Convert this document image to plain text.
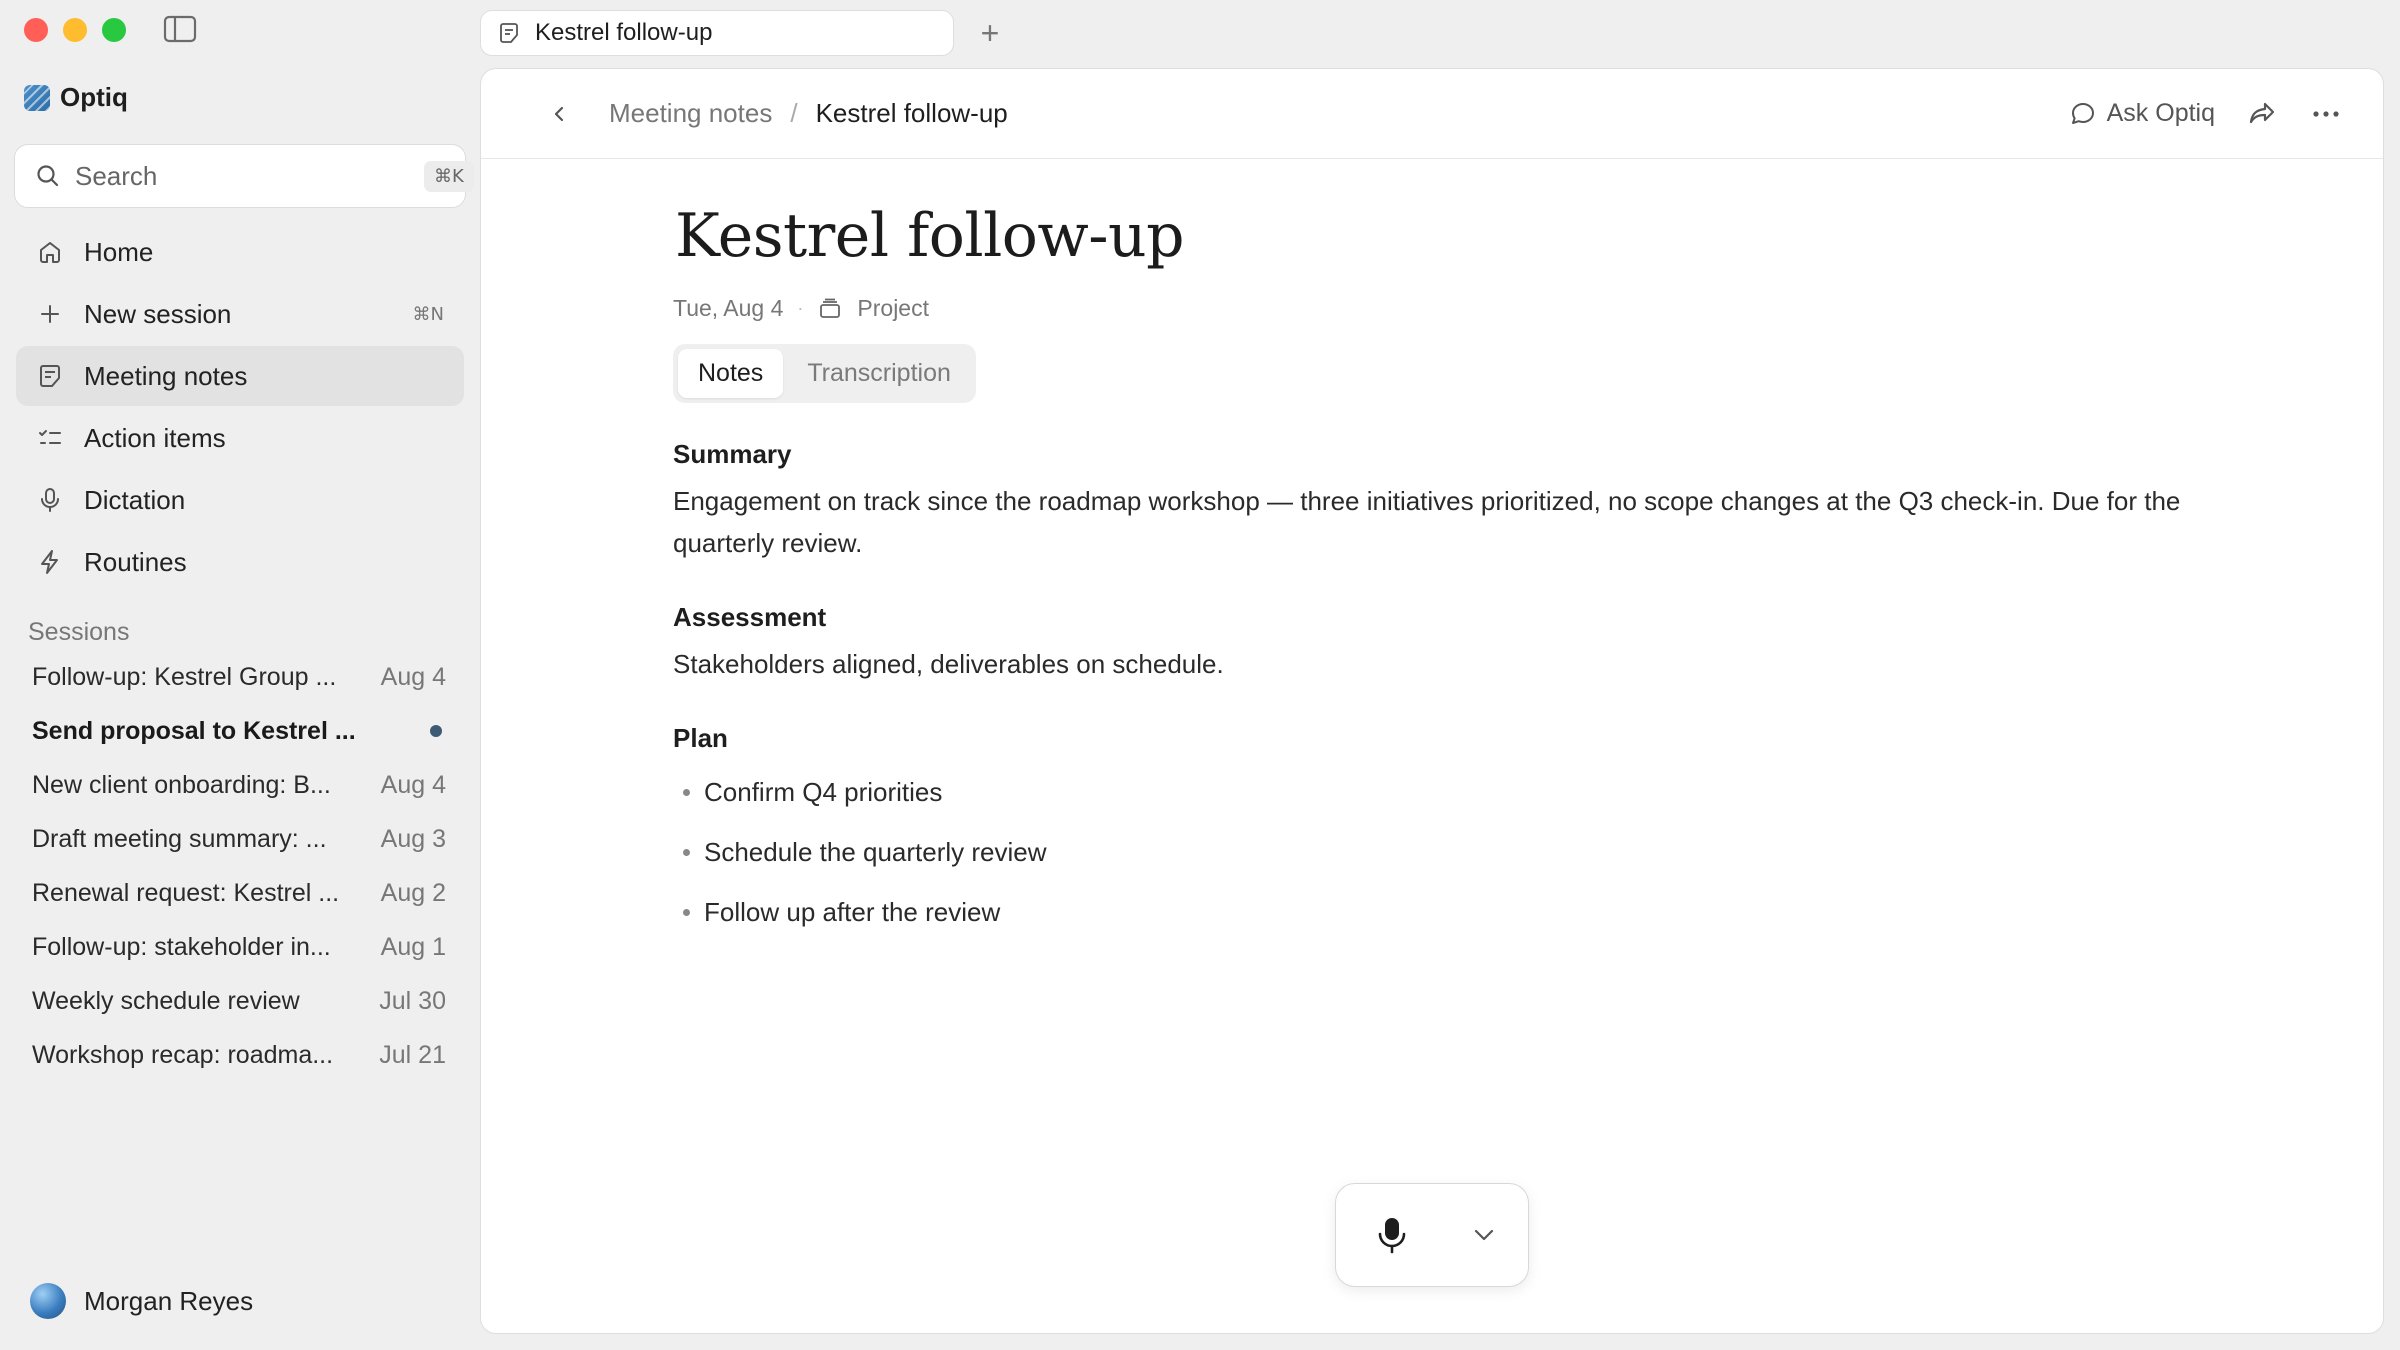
Kestrel follow-up	+
Optiq
Search
⌘K
Home
New session	⌘N
Meeting notes
Action items
Dictation
Routines
Sessions
Follow-up: Kestrel Group ...	Aug 4
Send proposal to Kestrel ...
New client onboarding: B...	Aug 4
Draft meeting summary: ...	Aug 3
Renewal request: Kestrel ...	Aug 2
Follow-up: stakeholder in...	Aug 1
Weekly schedule review	Jul 30
Workshop recap: roadma...	Jul 21
Morgan Reyes
Meeting notes / Kestrel follow-up	Ask Optiq
Kestrel follow-up
Tue, Aug 4 · Project
Notes	Transcription
Summary

Engagement on track since the roadmap workshop — three initiatives prioritized, no scope changes at the Q3 check-in. Due for the quarterly review.

Assessment

Stakeholders aligned, deliverables on schedule.

Plan
Confirm Q4 priorities
Schedule the quarterly review
Follow up after the review
